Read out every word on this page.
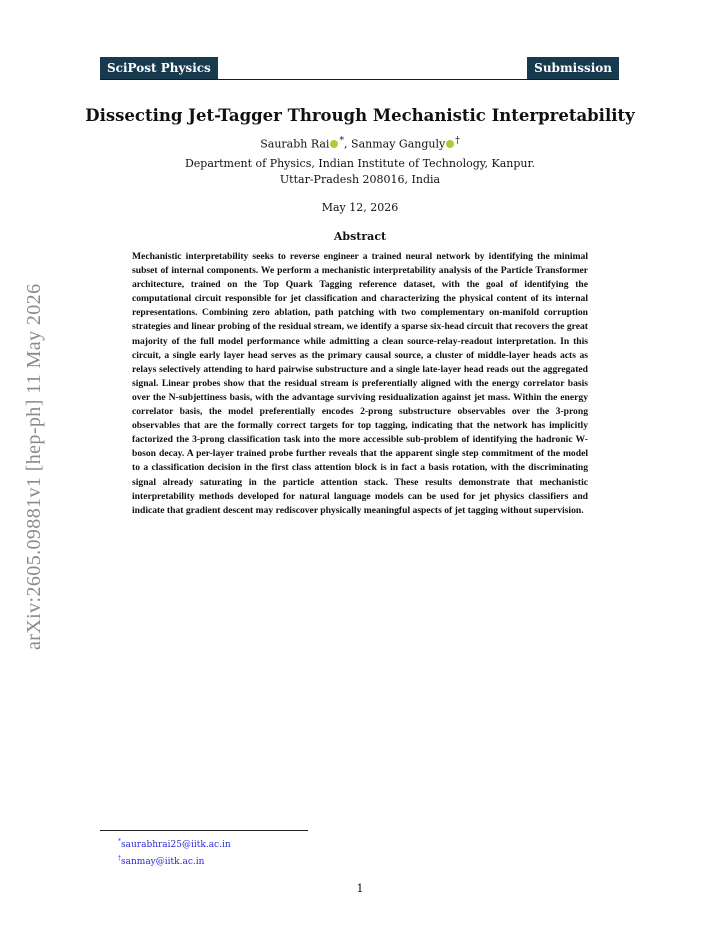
SciPost Physics	Submission
arXiv:2605.09881v1 [hep-ph] 11 May 2026
Dissecting Jet-Tagger Through Mechanistic Interpretability
Saurabh Rai *, Sanmay Ganguly †
Department of Physics, Indian Institute of Technology, Kanpur.
Uttar-Pradesh 208016, India
May 12, 2026
Abstract
Mechanistic interpretability seeks to reverse engineer a trained neural network by identifying the minimal subset of internal components. We perform a mechanistic interpretability analysis of the Particle Transformer architecture, trained on the Top Quark Tagging reference dataset, with the goal of identifying the computational circuit responsible for jet classification and characterizing the physical content of its internal representations. Combining zero ablation, path patching with two complementary on-manifold corruption strategies and linear probing of the residual stream, we identify a sparse six-head circuit that recovers the great majority of the full model performance while admitting a clean source-relay-readout interpretation. In this circuit, a single early layer head serves as the primary causal source, a cluster of middle-layer heads acts as relays selectively attending to hard pairwise substructure and a single late-layer head reads out the aggregated signal. Linear probes show that the residual stream is preferentially aligned with the energy correlator basis over the N-subjettiness basis, with the advantage surviving residualization against jet mass. Within the energy correlator basis, the model preferentially encodes 2-prong substructure observables over the 3-prong observables that are the formally correct targets for top tagging, indicating that the network has implicitly factorized the 3-prong classification task into the more accessible sub-problem of identifying the hadronic W-boson decay. A per-layer trained probe further reveals that the apparent single step commitment of the model to a classification decision in the first class attention block is in fact a basis rotation, with the discriminating signal already saturating in the particle attention stack. These results demonstrate that mechanistic interpretability methods developed for natural language models can be used for jet physics classifiers and indicate that gradient descent may rediscover physically meaningful aspects of jet tagging without supervision.
*saurabhrai25@iitk.ac.in
†sanmay@iitk.ac.in
1
